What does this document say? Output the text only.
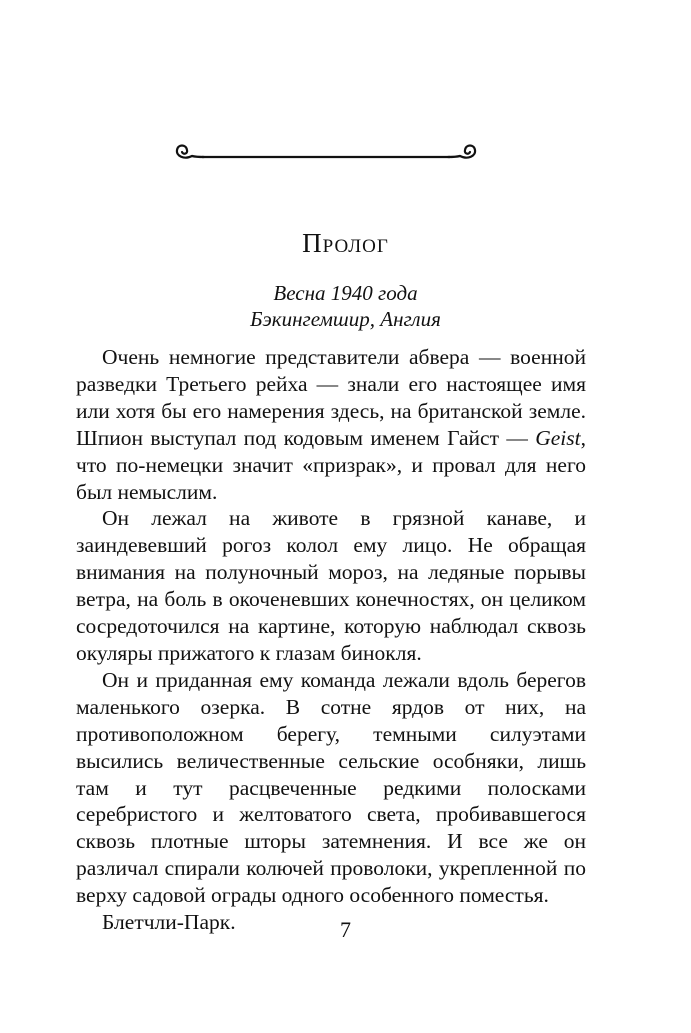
Пролог
Весна 1940 года
Бэкингемшир, Англия

Очень немногие представители абвера — военной разведки Третьего рейха — знали его настоящее имя или хотя бы его намерения здесь, на британской земле. Шпион выступал под кодовым именем Гайст — Geist, что по-немецки значит «призрак», и провал для него был немыслим.

Он лежал на животе в грязной канаве, и заиндевевший рогоз колол ему лицо. Не обращая внимания на полуночный мороз, на ледяные порывы ветра, на боль в окоченевших конечностях, он целиком сосредоточился на картине, которую наблюдал сквозь окуляры прижатого к глазам бинокля.

Он и приданная ему команда лежали вдоль берегов маленького озерка. В сотне ярдов от них, на противоположном берегу, темными силуэтами высились величественные сельские особняки, лишь там и тут расцвеченные редкими полосками серебристого и желтоватого света, пробивавшегося сквозь плотные шторы затемнения. И все же он различал спирали колючей проволоки, укрепленной по верху садовой ограды одного особенного поместья.

Блетчли-Парк.	7
